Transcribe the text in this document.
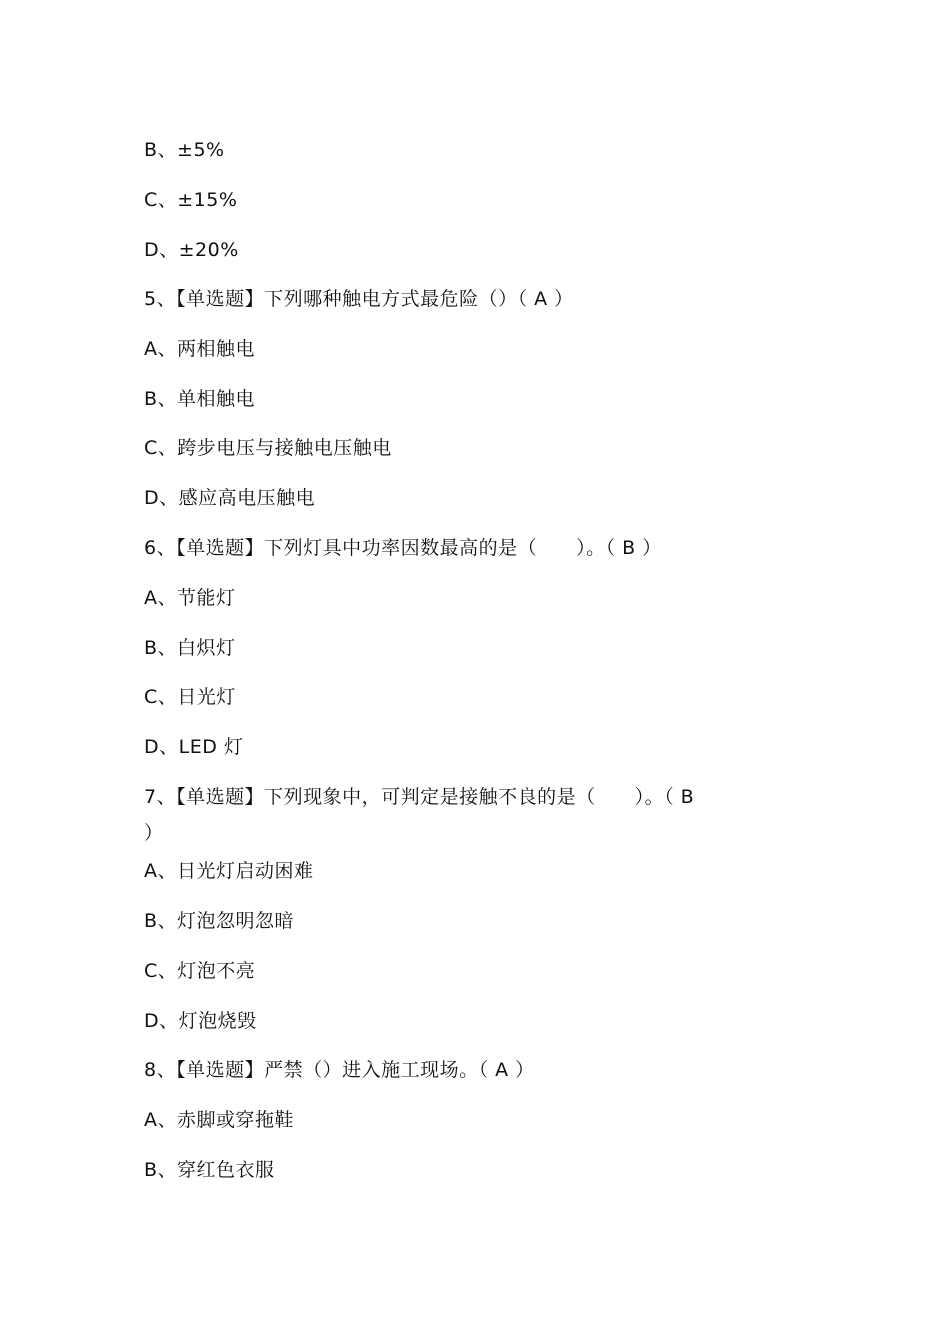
B、±5%
C、±15%
D、±20%
5、【单选题】下列哪种触电方式最危险（）（ A ）
A、两相触电
B、单相触电
C、跨步电压与接触电压触电
D、感应高电压触电
6、【单选题】下列灯具中功率因数最高的是（　　）。（ B ）
A、节能灯
B、白炽灯
C、日光灯
D、LED 灯
7、【单选题】下列现象中，可判定是接触不良的是（　　）。（ B
）
A、日光灯启动困难
B、灯泡忽明忽暗
C、灯泡不亮
D、灯泡烧毁
8、【单选题】严禁（）进入施工现场。（ A ）
A、赤脚或穿拖鞋
B、穿红色衣服
